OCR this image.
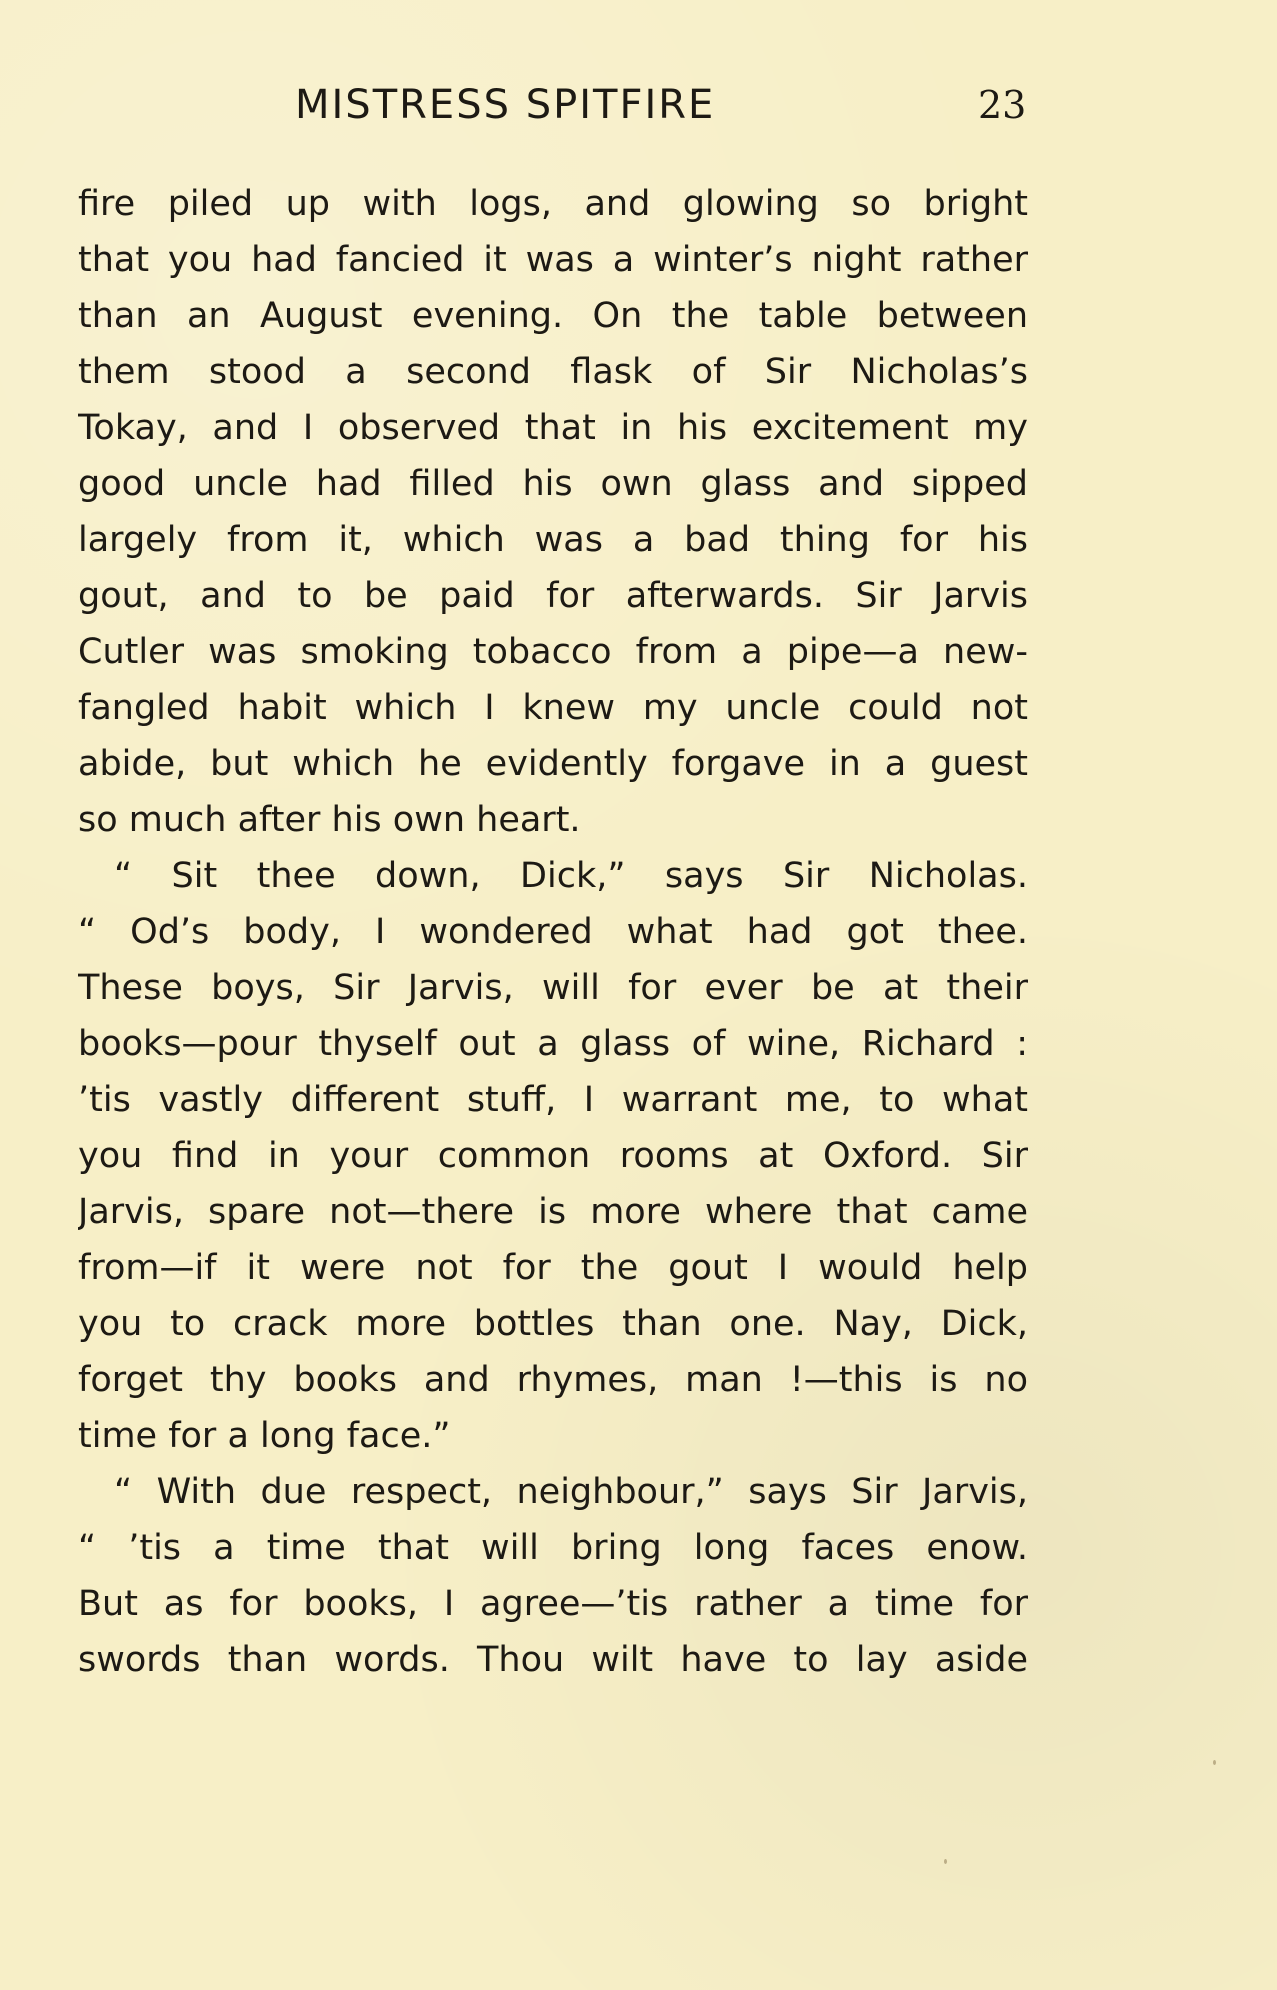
MISTRESS SPITFIRE	23
fire piled up with logs, and glowing so bright
that you had fancied it was a winter’s night rather
than an August evening. On the table between
them stood a second flask of Sir Nicholas’s
Tokay, and I observed that in his excitement my
good uncle had filled his own glass and sipped
largely from it, which was a bad thing for his
gout, and to be paid for afterwards. Sir Jarvis
Cutler was smoking tobacco from a pipe—a new-
fangled habit which I knew my uncle could not
abide, but which he evidently forgave in a guest
so much after his own heart.
“ Sit thee down, Dick,” says Sir Nicholas.
“ Od’s body, I wondered what had got thee.
These boys, Sir Jarvis, will for ever be at their
books—pour thyself out a glass of wine, Richard :
’tis vastly different stuff, I warrant me, to what
you find in your common rooms at Oxford. Sir
Jarvis, spare not—there is more where that came
from—if it were not for the gout I would help
you to crack more bottles than one. Nay, Dick,
forget thy books and rhymes, man !—this is no
time for a long face.”
“ With due respect, neighbour,” says Sir Jarvis,
“ ’tis a time that will bring long faces enow.
But as for books, I agree—’tis rather a time for
swords than words. Thou wilt have to lay aside
